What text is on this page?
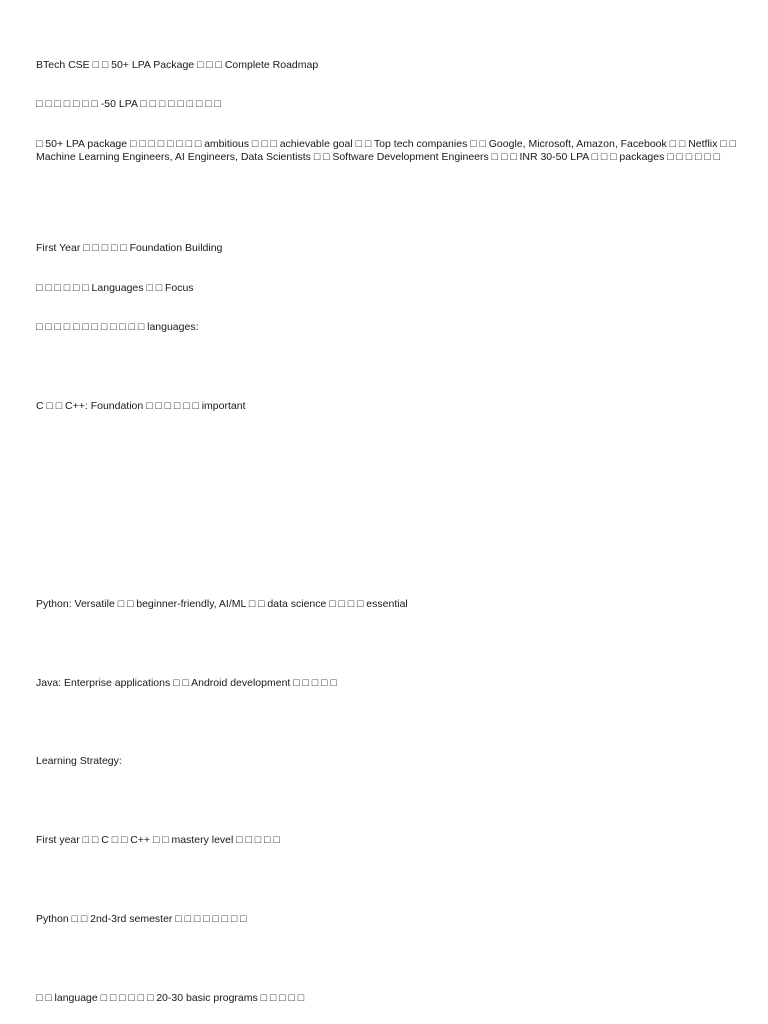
BTech CSE □ □ 50+ LPA Package □ □ □ Complete Roadmap
□ □ □ □ □ □ □ -50 LPA □ □ □ □ □ □ □ □ □
□ 50+ LPA package □ □ □ □ □ □ □ □ ambitious □ □ □ achievable goal □ □ Top tech companies □ □ Google, Microsoft, Amazon, Facebook □ □ Netflix □ □ Machine Learning Engineers, AI Engineers, Data Scientists □ □ Software Development Engineers □ □ □ INR 30-50 LPA □ □ □ packages □ □ □ □ □ □
First Year □ □ □ □ □ Foundation Building
□ □ □ □ □ □ Languages □ □ Focus
□ □ □ □ □ □ □ □ □ □ □ □ languages:
C □ □ C++: Foundation □ □ □ □ □ □ important
Python: Versatile □ □ beginner-friendly, AI/ML □ □ data science □ □ □ □ essential
Java: Enterprise applications □ □ Android development □ □ □ □ □
Learning Strategy:
First year □ □ C □ □ C++ □ □ mastery level □ □ □ □ □
Python □ □ 2nd-3rd semester □ □ □ □ □ □ □ □
□ □ language □ □ □ □ □ □ 20-30 basic programs □ □ □ □ □
